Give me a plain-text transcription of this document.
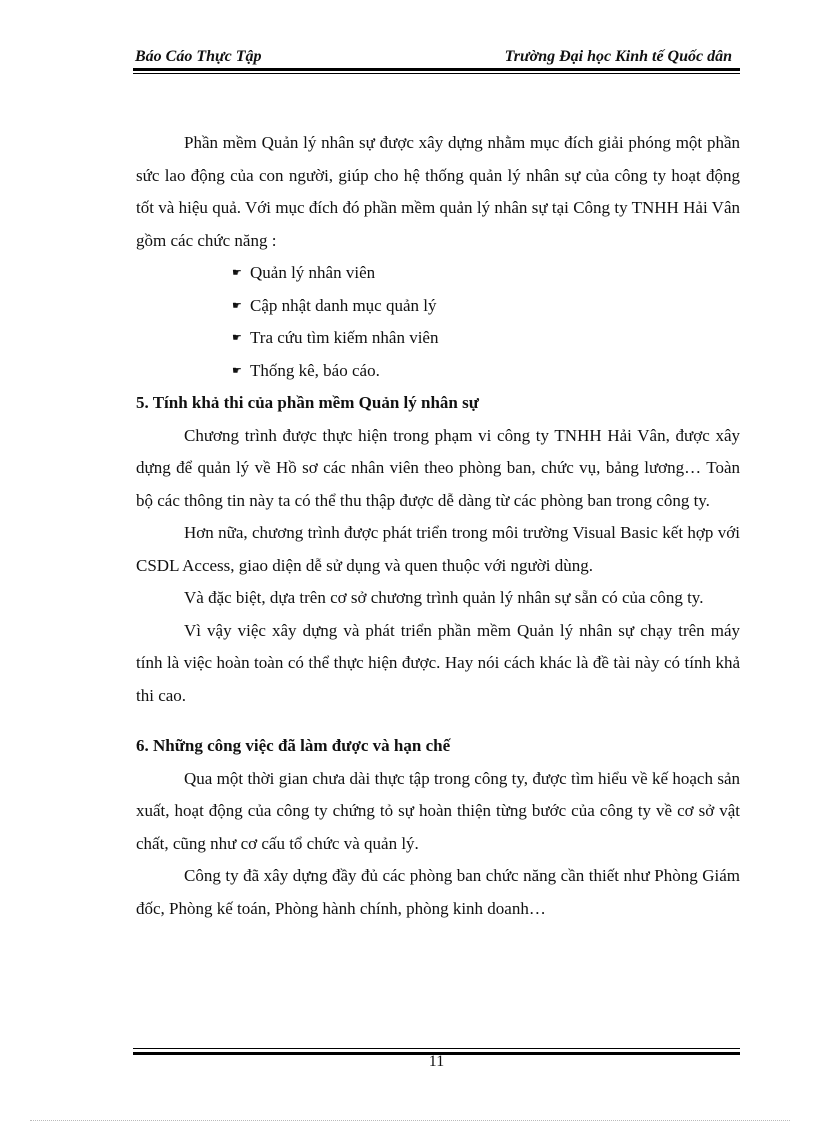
Báo Cáo Thực Tập	Trường Đại học Kinh tế Quốc dân

Phần mềm Quản lý nhân sự được xây dựng nhằm mục đích giải phóng một phần sức lao động của con người, giúp cho hệ thống quản lý nhân sự của công ty hoạt động tốt và hiệu quả. Với mục đích đó phần mềm quản lý nhân sự tại Công ty TNHH Hải Vân gồm các chức năng :

☛ Quản lý nhân viên
☛ Cập nhật danh mục quản lý
☛ Tra cứu tìm kiếm nhân viên
☛ Thống kê, báo cáo.
5. Tính khả thi của phần mềm Quản lý nhân sự

Chương trình được thực hiện trong phạm vi công ty TNHH Hải Vân, được xây dựng để quản lý về Hồ sơ các nhân viên theo phòng ban, chức vụ, bảng lương… Toàn bộ các thông tin này ta có thể thu thập được dễ dàng từ các phòng ban trong công ty.

Hơn nữa, chương trình được phát triển trong môi trường Visual Basic kết hợp với CSDL Access, giao diện dễ sử dụng và quen thuộc với người dùng.

Và đặc biệt, dựa trên cơ sở chương trình quản lý nhân sự sẵn có của công ty.

Vì vậy việc xây dựng và phát triển phần mềm Quản lý nhân sự chạy trên máy tính là việc hoàn toàn có thể thực hiện được. Hay nói cách khác là đề tài này có tính khả thi cao.

6. Những công việc đã làm được và hạn chế

Qua một thời gian chưa dài thực tập trong công ty, được tìm hiểu về kế hoạch sản xuất, hoạt động của công ty chứng tỏ sự hoàn thiện từng bước của công ty về cơ sở vật chất, cũng như cơ cấu tổ chức và quản lý.

Công ty đã xây dựng đầy đủ các phòng ban chức năng cần thiết như Phòng Giám đốc, Phòng kế toán, Phòng hành chính, phòng kinh doanh…

11
